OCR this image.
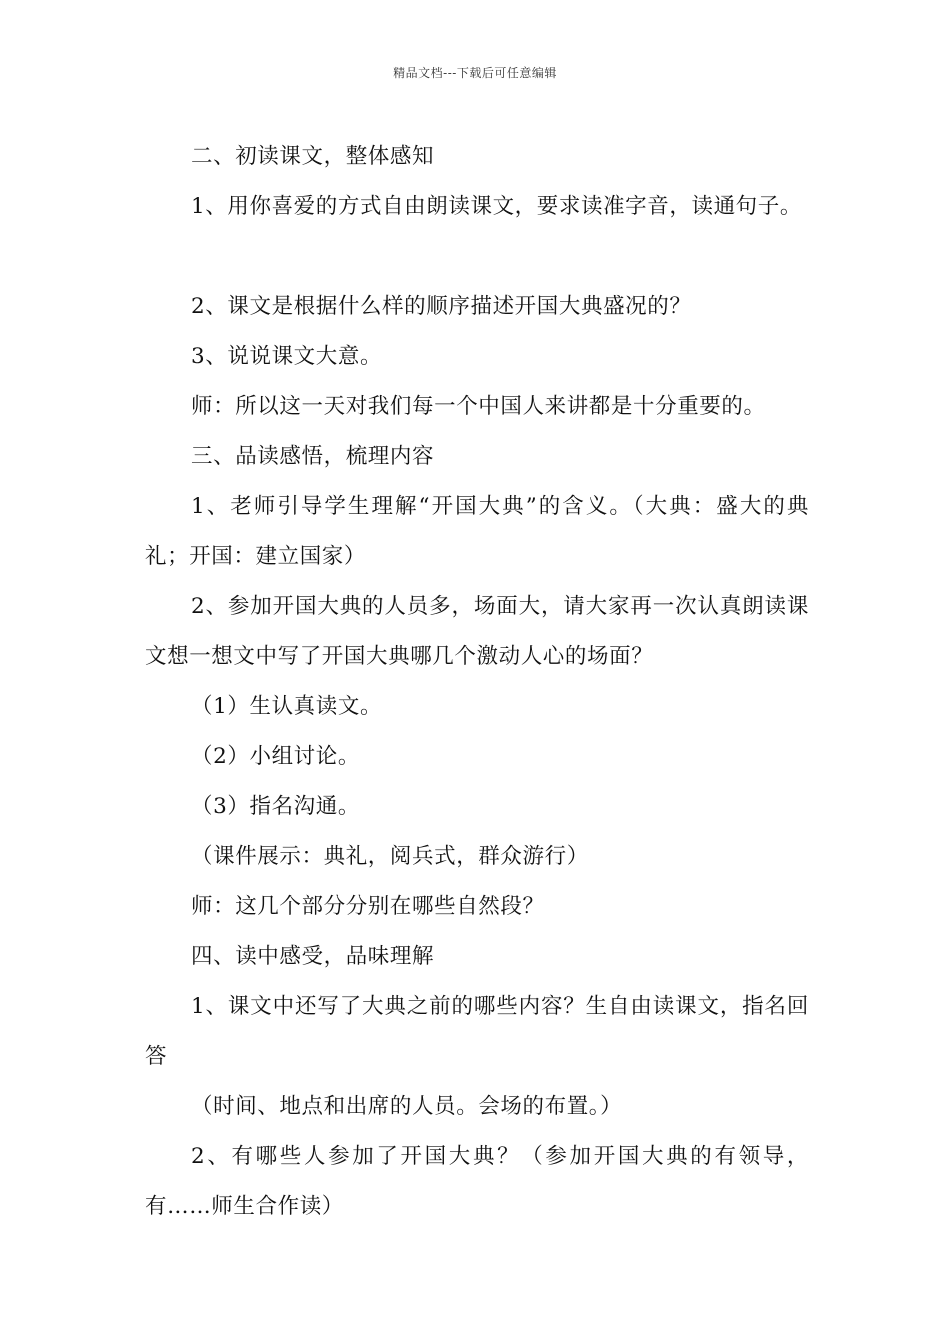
精品文档---下载后可任意编辑

二、初读课文，整体感知

1、用你喜爱的方式自由朗读课文，要求读准字音，读通句子。

2、课文是根据什么样的顺序描述开国大典盛况的？

3、说说课文大意。

师：所以这一天对我们每一个中国人来讲都是十分重要的。

三、品读感悟，梳理内容

1、老师引导学生理解“开国大典”的含义。（大典：盛大的典礼；开国：建立国家）

2、参加开国大典的人员多，场面大，请大家再一次认真朗读课文想一想文中写了开国大典哪几个激动人心的场面？

（1）生认真读文。

（2）小组讨论。

（3）指名沟通。

（课件展示：典礼，阅兵式，群众游行）

师：这几个部分分别在哪些自然段？

四、读中感受，品味理解

1、课文中还写了大典之前的哪些内容？生自由读课文，指名回答

（时间、地点和出席的人员。会场的布置。）

2、有哪些人参加了开国大典？（参加开国大典的有领导，有……师生合作读）
